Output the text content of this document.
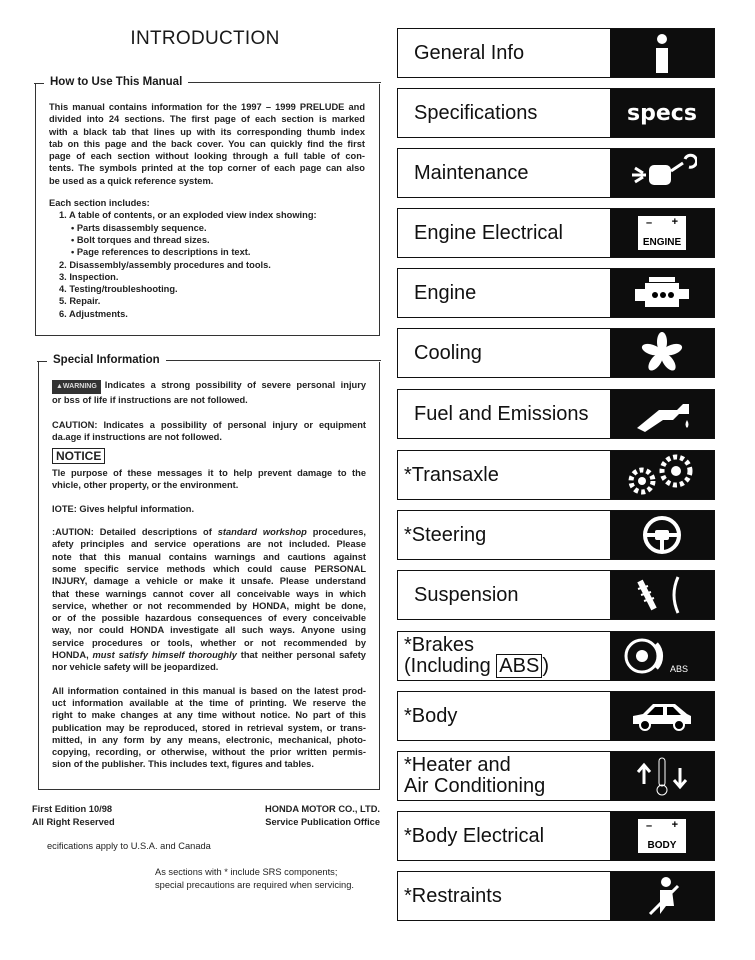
INTRODUCTION
How to Use This Manual
This manual contains information for the 1997 – 1999 PRELUDE and
divided into 24 sections. The first page of each section is marked
with a black tab that lines up with its corresponding thumb index
tab on this page and the back cover. You can quickly find the first
page of each section without looking through a full table of con-
tents. The symbols printed at the top corner of each page can also
be used as a quick reference system.
Each section includes:
1. A table of contents, or an exploded view index showing:
• Parts disassembly sequence.
• Bolt torques and thread sizes.
• Page references to descriptions in text.
2. Disassembly/assembly procedures and tools.
3. Inspection.
4. Testing/troubleshooting.
5. Repair.
6. Adjustments.
Special Information
▲WARNING Indicates a strong possibility of severe personal injury
or bss of life if instructions are not followed.
CAUTION: Indicates a possibility of personal injury or equipment
da.age if instructions are not followed.
NOTICE
Tle purpose of these messages it to help prevent damage to the
vhicle, other property, or the environment.
IOTE: Gives helpful information.
:AUTION: Detailed descriptions of standard workshop procedures,
afety principles and service operations are not included. Please
note that this manual contains warnings and cautions against
some specific service methods which could cause PERSONAL
INJURY, damage a vehicle or make it unsafe. Please understand
that these warnings cannot cover all conceivable ways in which
service, whether or not recommended by HONDA, might be done,
or of the possible hazardous consequences of every conceivable
way, nor could HONDA investigate all such ways. Anyone using
service procedures or tools, whether or not recommended by
HONDA, must satisfy himself thoroughly that neither personal safety
nor vehicle safety will be jeopardized.
All information contained in this manual is based on the latest prod-
uct information available at the time of printing. We reserve the
right to make changes at any time without notice. No part of this
publication may be reproduced, stored in retrieval system, or trans-
mitted, in any form by any means, electronic, mechanical, photo-
copying, recording, or otherwise, without the prior written permis-
sion of the publisher. This includes text, figures and tables.
First Edition 10/98
All Right Reserved
HONDA MOTOR CO., LTD.
Service Publication Office
ecifications apply to U.S.A. and Canada
As sections with * include SRS components;
special precautions are required when servicing.
General Info
Specifications	specs
Maintenance
Engine Electrical	ENGINE
– +
Engine
Cooling
Fuel and Emissions
*Transaxle
*Steering
Suspension
*Brakes
(Including ABS )	ABS
*Body
*Heater and
Air Conditioning
*Body Electrical	BODY
– +
*Restraints
